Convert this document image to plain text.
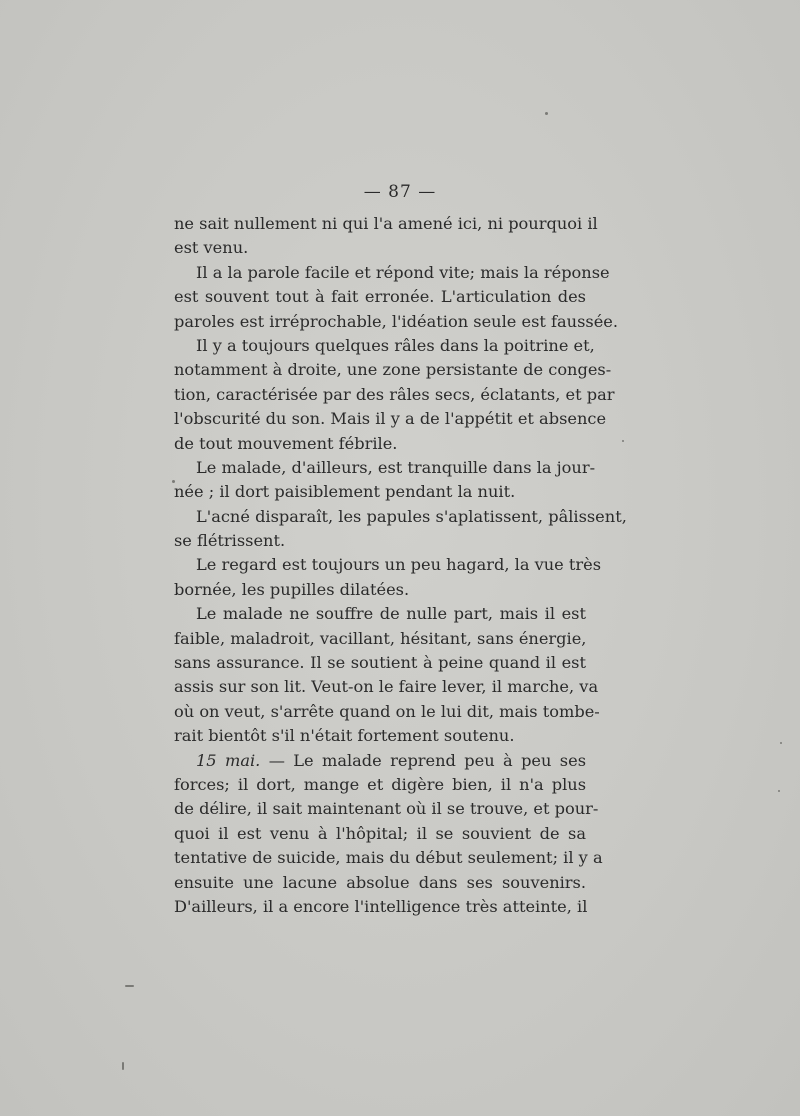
— 87 —
ne sait nullement ni qui l'a amené ici, ni pourquoi il
est venu.
Il a la parole facile et répond vite; mais la réponse
est souvent tout à fait erronée. L'articulation des
paroles est irréprochable, l'idéation seule est faussée.
Il y a toujours quelques râles dans la poitrine et,
notamment à droite, une zone persistante de conges-
tion, caractérisée par des râles secs, éclatants, et par
l'obscurité du son. Mais il y a de l'appétit et absence
de tout mouvement fébrile.
Le malade, d'ailleurs, est tranquille dans la jour-
née ; il dort paisiblement pendant la nuit.
L'acné disparaît, les papules s'aplatissent, pâlissent,
se flétrissent.
Le regard est toujours un peu hagard, la vue très
bornée, les pupilles dilatées.
Le malade ne souffre de nulle part, mais il est
faible, maladroit, vacillant, hésitant, sans énergie,
sans assurance. Il se soutient à peine quand il est
assis sur son lit. Veut-on le faire lever, il marche, va
où on veut, s'arrête quand on le lui dit, mais tombe-
rait bientôt s'il n'était fortement soutenu.
15 mai. — Le malade reprend peu à peu ses
forces; il dort, mange et digère bien, il n'a plus
de délire, il sait maintenant où il se trouve, et pour-
quoi il est venu à l'hôpital; il se souvient de sa
tentative de suicide, mais du début seulement; il y a
ensuite une lacune absolue dans ses souvenirs.
D'ailleurs, il a encore l'intelligence très atteinte, il
